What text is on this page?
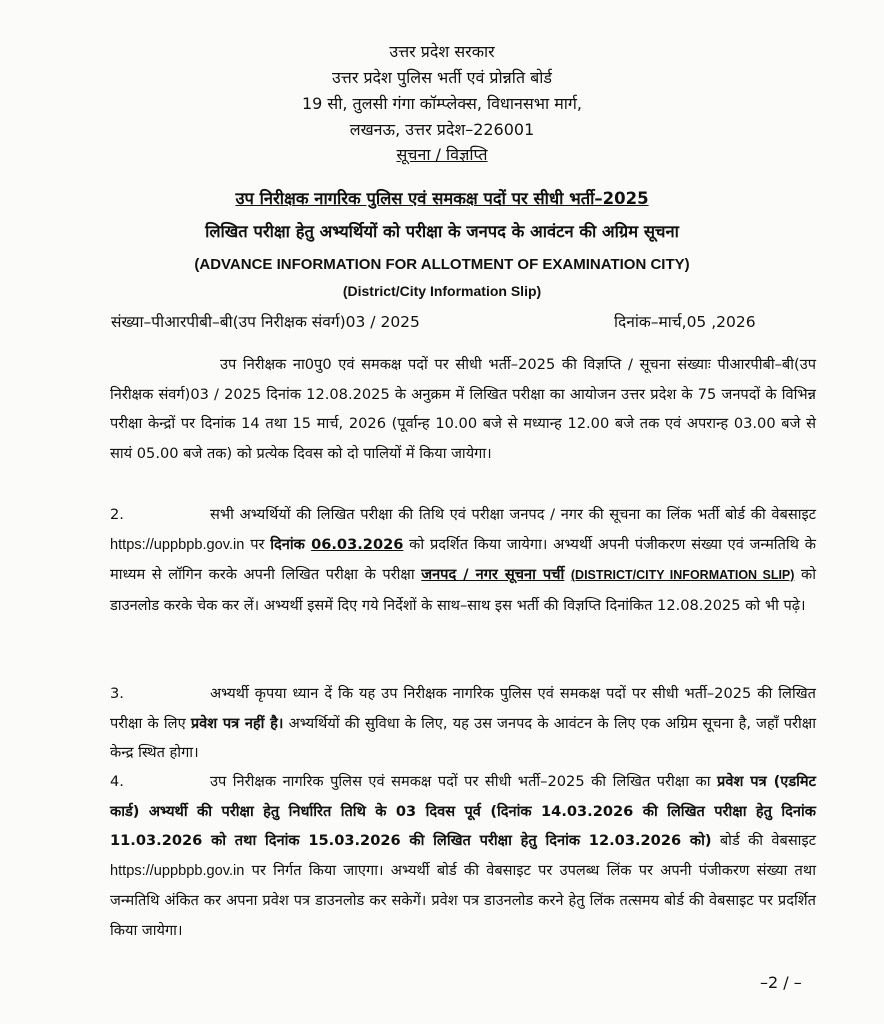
उत्तर प्रदेश सरकार
उत्तर प्रदेश पुलिस भर्ती एवं प्रोन्नति बोर्ड
19 सी, तुलसी गंगा कॉम्प्लेक्स, विधानसभा मार्ग,
लखनऊ, उत्तर प्रदेश–226001
सूचना / विज्ञप्ति
उप निरीक्षक नागरिक पुलिस एवं समकक्ष पदों पर सीधी भर्ती–2025
लिखित परीक्षा हेतु अभ्यर्थियों को परीक्षा के जनपद के आवंटन की अग्रिम सूचना
(ADVANCE INFORMATION FOR ALLOTMENT OF EXAMINATION CITY)
(District/City Information Slip)
संख्या–पीआरपीबी–बी(उप निरीक्षक संवर्ग)03 / 2025	दिनांक–मार्च,05 ,2026
उप निरीक्षक ना0पु0 एवं समकक्ष पदों पर सीधी भर्ती–2025 की विज्ञप्ति / सूचना संख्याः पीआरपीबी–बी(उप निरीक्षक संवर्ग)03 / 2025 दिनांक 12.08.2025 के अनुक्रम में लिखित परीक्षा का आयोजन उत्तर प्रदेश के 75 जनपदों के विभिन्न परीक्षा केन्द्रों पर दिनांक 14 तथा 15 मार्च, 2026 (पूर्वान्ह 10.00 बजे से मध्यान्ह 12.00 बजे तक एवं अपरान्ह 03.00 बजे से सायं 05.00 बजे तक) को प्रत्येक दिवस को दो पालियों में किया जायेगा।
2.	सभी अभ्यर्थियों की लिखित परीक्षा की तिथि एवं परीक्षा जनपद / नगर की सूचना का लिंक भर्ती बोर्ड की वेबसाइट https://uppbpb.gov.in पर दिनांक 06.03.2026 को प्रदर्शित किया जायेगा। अभ्यर्थी अपनी पंजीकरण संख्या एवं जन्मतिथि के माध्यम से लॉगिन करके अपनी लिखित परीक्षा के परीक्षा जनपद / नगर सूचना पर्ची (DISTRICT/CITY INFORMATION SLIP) को डाउनलोड करके चेक कर लें। अभ्यर्थी इसमें दिए गये निर्देशों के साथ–साथ इस भर्ती की विज्ञप्ति दिनांकित 12.08.2025 को भी पढ़े।
3.	अभ्यर्थी कृपया ध्यान दें कि यह उप निरीक्षक नागरिक पुलिस एवं समकक्ष पदों पर सीधी भर्ती–2025 की लिखित परीक्षा के लिए प्रवेश पत्र नहीं है। अभ्यर्थियों की सुविधा के लिए, यह उस जनपद के आवंटन के लिए एक अग्रिम सूचना है, जहॉं परीक्षा केन्द्र स्थित होगा।
4.	उप निरीक्षक नागरिक पुलिस एवं समकक्ष पदों पर सीधी भर्ती–2025 की लिखित परीक्षा का प्रवेश पत्र (एडमिट कार्ड) अभ्यर्थी की परीक्षा हेतु निर्धारित तिथि के 03 दिवस पूर्व (दिनांक 14.03.2026 की लिखित परीक्षा हेतु दिनांक 11.03.2026 को तथा दिनांक 15.03.2026 की लिखित परीक्षा हेतु दिनांक 12.03.2026 को) बोर्ड की वेबसाइट https://uppbpb.gov.in पर निर्गत किया जाएगा। अभ्यर्थी बोर्ड की वेबसाइट पर उपलब्ध लिंक पर अपनी पंजीकरण संख्या तथा जन्मतिथि अंकित कर अपना प्रवेश पत्र डाउनलोड कर सकेगें। प्रवेश पत्र डाउनलोड करने हेतु लिंक तत्समय बोर्ड की वेबसाइट पर प्रदर्शित किया जायेगा।
–2 / –
